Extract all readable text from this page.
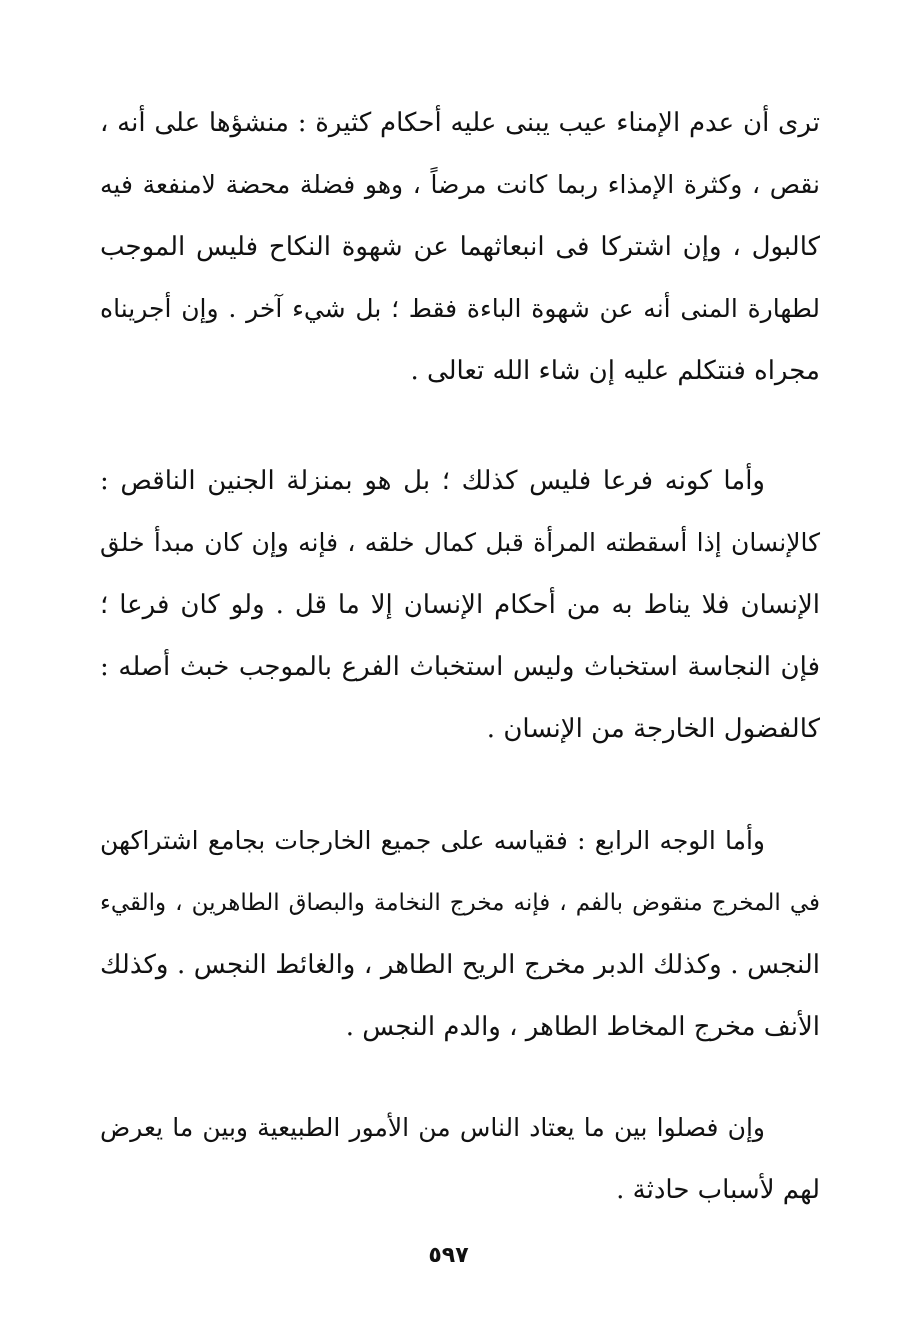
ترى أن عدم الإمناء عيب يبنى عليه أحكام كثيرة : منشؤها على أنه ،
نقص ، وكثرة الإمذاء ربما كانت مرضاً ، وهو فضلة محضة لامنفعة فيه
كالبول ، وإن اشتركا فى انبعاثهما عن شهوة النكاح فليس الموجب
لطهارة المنى أنه عن شهوة الباءة فقط ؛ بل شيء آخر . وإن أجريناه
مجراه فنتكلم عليه إن شاء الله تعالى .
وأما كونه فرعا فليس كذلك ؛ بل هو بمنزلة الجنين الناقص :
كالإنسان إذا أسقطته المرأة قبل كمال خلقه ، فإنه وإن كان مبدأ خلق
الإنسان فلا يناط به من أحكام الإنسان إلا ما قل . ولو كان فرعا ؛
فإن النجاسة استخباث وليس استخباث الفرع بالموجب خبث أصله :
كالفضول الخارجة من الإنسان .
وأما الوجه الرابع : فقياسه على جميع الخارجات بجامع اشتراكهن
في المخرج منقوض بالفم ، فإنه مخرج النخامة والبصاق الطاهرين ، والقيء
النجس . وكذلك الدبر مخرج الريح الطاهر ، والغائط النجس . وكذلك
الأنف مخرج المخاط الطاهر ، والدم النجس .
وإن فصلوا بين ما يعتاد الناس من الأمور الطبيعية وبين ما يعرض
لهم لأسباب حادثة .
٥٩٧
